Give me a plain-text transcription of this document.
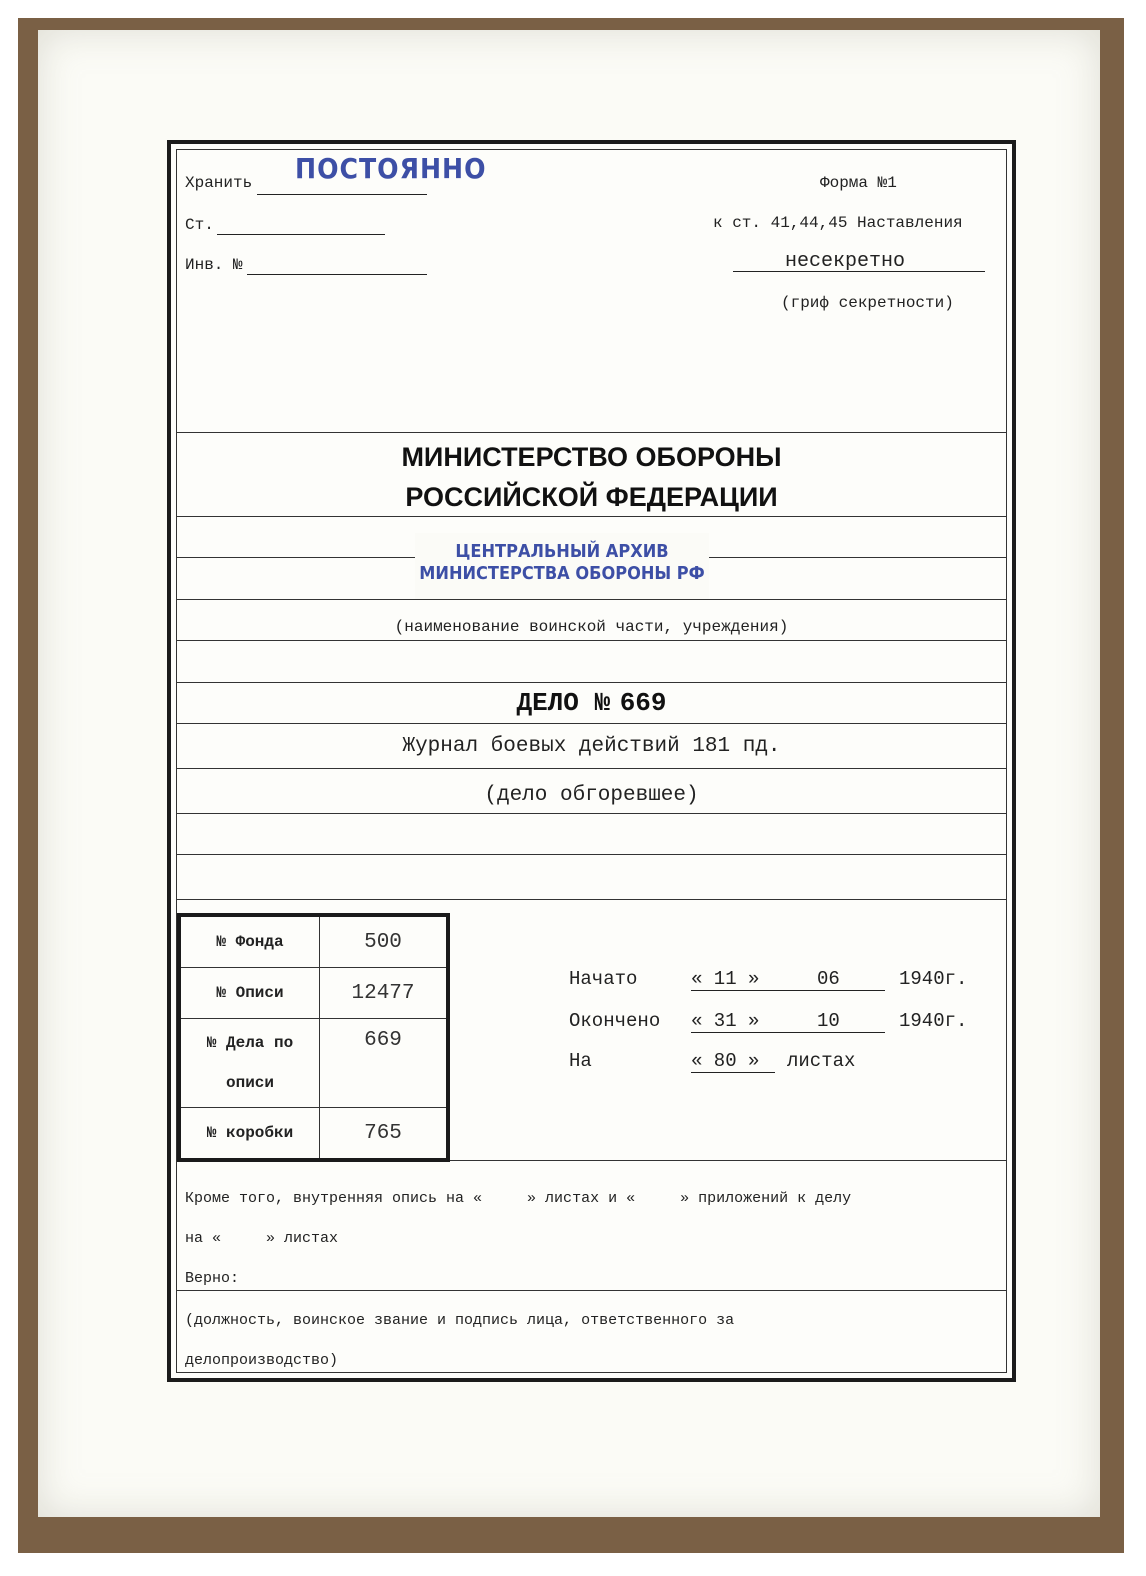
Хранить ПОСТОЯННО
Ст.
Инв. №
Форма №1
к ст. 41,44,45 Наставления
несекретно
(гриф секретности)
МИНИСТЕРСТВО ОБОРОНЫ
РОССИЙСКОЙ ФЕДЕРАЦИИ
ЦЕНТРАЛЬНЫЙ АРХИВ
МИНИСТЕРСТВА ОБОРОНЫ РФ
(наименование воинской части, учреждения)
ДЕЛО № 669
Журнал боевых действий 181 пд.
(дело обгоревшее)
№ Фонда	500
№ Описи	12477
№ Дела по описи	669
№ коробки	765
Начато	« 11 »	06	1940г.
Окончено « 31 »	10	1940г.
На	« 80 » листах
Кроме того, внутренняя опись на «     » листах и «     » приложений к делу
на «     » листах
Верно:
(должность, воинское звание и подпись лица, ответственного за
делопроизводство)
